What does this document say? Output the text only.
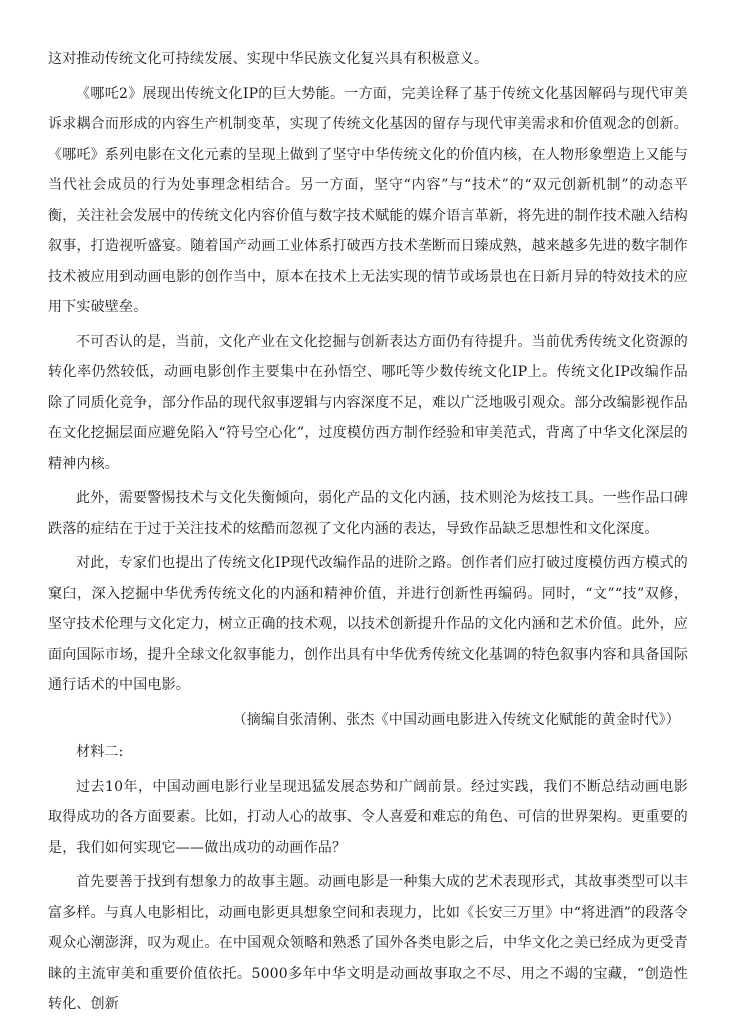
这对推动传统文化可持续发展、实现中华民族文化复兴具有积极意义。

《哪吒2》展现出传统文化IP的巨大势能。一方面，完美诠释了基于传统文化基因解码与现代审美诉求耦合而形成的内容生产机制变革，实现了传统文化基因的留存与现代审美需求和价值观念的创新。《哪吒》系列电影在文化元素的呈现上做到了坚守中华传统文化的价值内核，在人物形象塑造上又能与当代社会成员的行为处事理念相结合。另一方面，坚守“内容”与“技术”的“双元创新机制”的动态平衡，关注社会发展中的传统文化内容价值与数字技术赋能的媒介语言革新，将先进的制作技术融入结构叙事，打造视听盛宴。随着国产动画工业体系打破西方技术垄断而日臻成熟，越来越多先进的数字制作技术被应用到动画电影的创作当中，原本在技术上无法实现的情节或场景也在日新月异的特效技术的应用下实破壁垒。

不可否认的是，当前，文化产业在文化挖掘与创新表达方面仍有待提升。当前优秀传统文化资源的转化率仍然较低，动画电影创作主要集中在孙悟空、哪吒等少数传统文化IP上。传统文化IP改编作品除了同质化竞争，部分作品的现代叙事逻辑与内容深度不足，难以广泛地吸引观众。部分改编影视作品在文化挖掘层面应避免陷入“符号空心化”，过度模仿西方制作经验和审美范式，背离了中华文化深层的精神内核。

此外，需要警惕技术与文化失衡倾向，弱化产品的文化内涵，技术则沦为炫技工具。一些作品口碑跌落的症结在于过于关注技术的炫酷而忽视了文化内涵的表达，导致作品缺乏思想性和文化深度。

对此，专家们也提出了传统文化IP现代改编作品的进阶之路。创作者们应打破过度模仿西方模式的窠臼，深入挖掘中华优秀传统文化的内涵和精神价值，并进行创新性再编码。同时，“文”“技”双修，坚守技术伦理与文化定力，树立正确的技术观，以技术创新提升作品的文化内涵和艺术价值。此外，应面向国际市场，提升全球文化叙事能力，创作出具有中华优秀传统文化基调的特色叙事内容和具备国际通行话术的中国电影。

（摘编自张清俐、张杰《中国动画电影进入传统文化赋能的黄金时代》）

材料二:

过去10年，中国动画电影行业呈现迅猛发展态势和广阔前景。经过实践，我们不断总结动画电影取得成功的各方面要素。比如，打动人心的故事、令人喜爱和难忘的角色、可信的世界架构。更重要的是，我们如何实现它——做出成功的动画作品？

首先要善于找到有想象力的故事主题。动画电影是一种集大成的艺术表现形式，其故事类型可以丰富多样。与真人电影相比，动画电影更具想象空间和表现力，比如《长安三万里》中“将进酒”的段落令观众心潮澎湃，叹为观止。在中国观众领略和熟悉了国外各类电影之后，中华文化之美已经成为更受青睐的主流审美和重要价值依托。5000多年中华文明是动画故事取之不尽、用之不竭的宝藏，“创造性转化、创新
